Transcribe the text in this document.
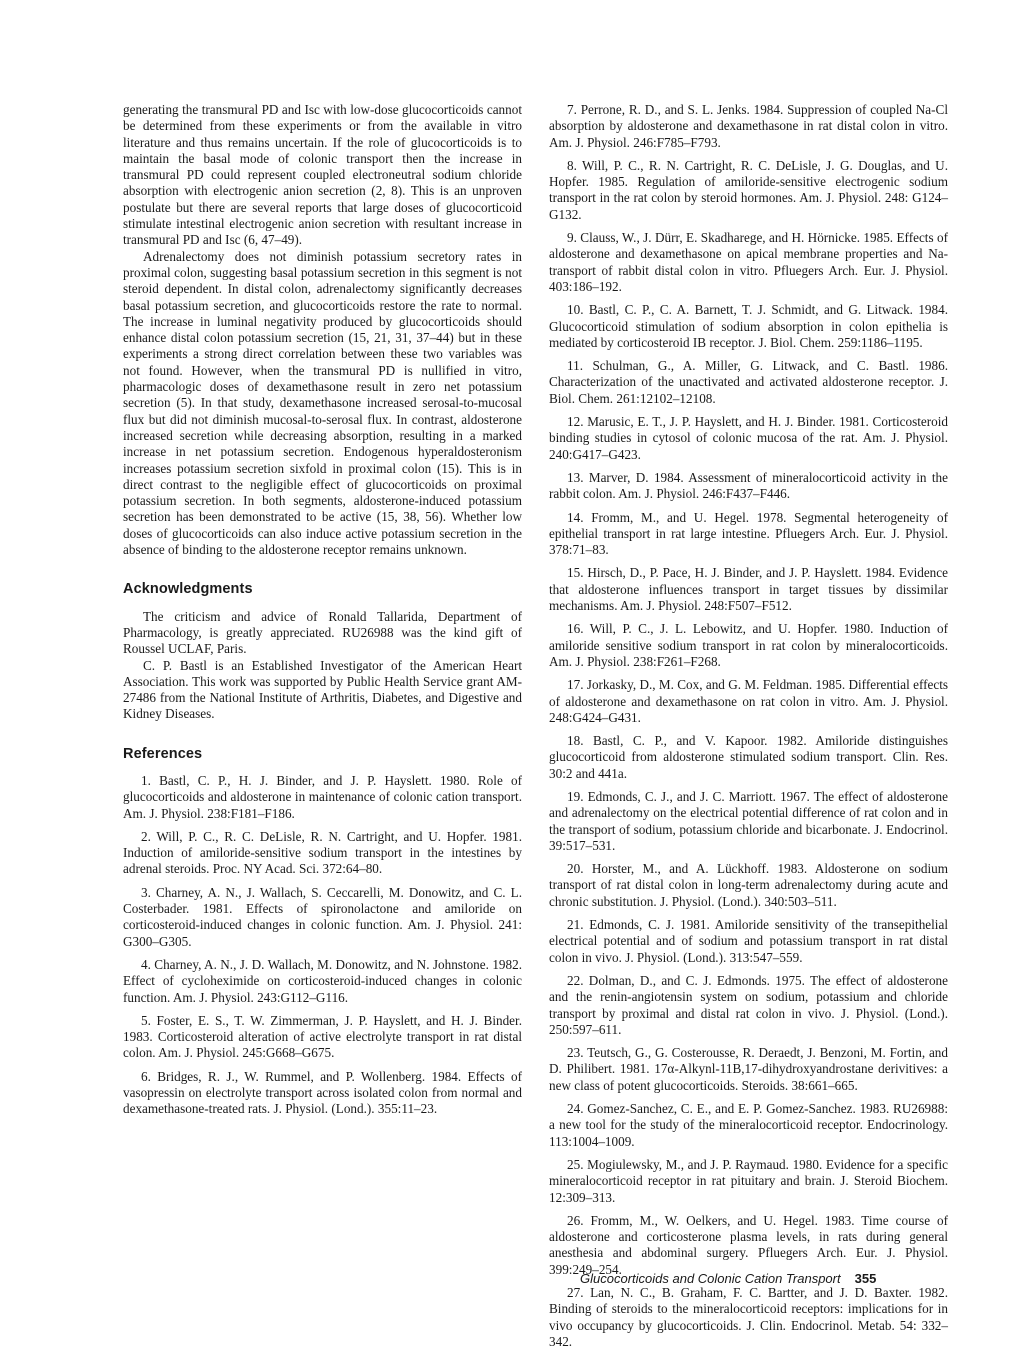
generating the transmural PD and Isc with low-dose glucocorticoids cannot be determined from these experiments or from the available in vitro literature and thus remains uncertain. If the role of glucocorticoids is to maintain the basal mode of colonic transport then the increase in transmural PD could represent coupled electroneutral sodium chloride absorption with electrogenic anion secretion (2, 8). This is an unproven postulate but there are several reports that large doses of glucocorticoid stimulate intestinal electrogenic anion secretion with resultant increase in transmural PD and Isc (6, 47–49).

Adrenalectomy does not diminish potassium secretory rates in proximal colon, suggesting basal potassium secretion in this segment is not steroid dependent. In distal colon, adrenalectomy significantly decreases basal potassium secretion, and glucocorticoids restore the rate to normal. The increase in luminal negativity produced by glucocorticoids should enhance distal colon potassium secretion (15, 21, 31, 37–44) but in these experiments a strong direct correlation between these two variables was not found. However, when the transmural PD is nullified in vitro, pharmacologic doses of dexamethasone result in zero net potassium secretion (5). In that study, dexamethasone increased serosal-to-mucosal flux but did not diminish mucosal-to-serosal flux. In contrast, aldosterone increased secretion while decreasing absorption, resulting in a marked increase in net potassium secretion. Endogenous hyperaldosteronism increases potassium secretion sixfold in proximal colon (15). This is in direct contrast to the negligible effect of glucocorticoids on proximal potassium secretion. In both segments, aldosterone-induced potassium secretion has been demonstrated to be active (15, 38, 56). Whether low doses of glucocorticoids can also induce active potassium secretion in the absence of binding to the aldosterone receptor remains unknown.

Acknowledgments

The criticism and advice of Ronald Tallarida, Department of Pharmacology, is greatly appreciated. RU26988 was the kind gift of Roussel UCLAF, Paris.

C. P. Bastl is an Established Investigator of the American Heart Association. This work was supported by Public Health Service grant AM-27486 from the National Institute of Arthritis, Diabetes, and Digestive and Kidney Diseases.

References

1. Bastl, C. P., H. J. Binder, and J. P. Hayslett. 1980. Role of glucocorticoids and aldosterone in maintenance of colonic cation transport. Am. J. Physiol. 238:F181–F186.

2. Will, P. C., R. C. DeLisle, R. N. Cartright, and U. Hopfer. 1981. Induction of amiloride-sensitive sodium transport in the intestines by adrenal steroids. Proc. NY Acad. Sci. 372:64–80.

3. Charney, A. N., J. Wallach, S. Ceccarelli, M. Donowitz, and C. L. Costerbader. 1981. Effects of spironolactone and amiloride on corticosteroid-induced changes in colonic function. Am. J. Physiol. 241: G300–G305.

4. Charney, A. N., J. D. Wallach, M. Donowitz, and N. Johnstone. 1982. Effect of cycloheximide on corticosteroid-induced changes in colonic function. Am. J. Physiol. 243:G112–G116.

5. Foster, E. S., T. W. Zimmerman, J. P. Hayslett, and H. J. Binder. 1983. Corticosteroid alteration of active electrolyte transport in rat distal colon. Am. J. Physiol. 245:G668–G675.

6. Bridges, R. J., W. Rummel, and P. Wollenberg. 1984. Effects of vasopressin on electrolyte transport across isolated colon from normal and dexamethasone-treated rats. J. Physiol. (Lond.). 355:11–23.

7. Perrone, R. D., and S. L. Jenks. 1984. Suppression of coupled Na-Cl absorption by aldosterone and dexamethasone in rat distal colon in vitro. Am. J. Physiol. 246:F785–F793.

8. Will, P. C., R. N. Cartright, R. C. DeLisle, J. G. Douglas, and U. Hopfer. 1985. Regulation of amiloride-sensitive electrogenic sodium transport in the rat colon by steroid hormones. Am. J. Physiol. 248: G124–G132.

9. Clauss, W., J. Dürr, E. Skadharege, and H. Hörnicke. 1985. Effects of aldosterone and dexamethasone on apical membrane properties and Na-transport of rabbit distal colon in vitro. Pfluegers Arch. Eur. J. Physiol. 403:186–192.

10. Bastl, C. P., C. A. Barnett, T. J. Schmidt, and G. Litwack. 1984. Glucocorticoid stimulation of sodium absorption in colon epithelia is mediated by corticosteroid IB receptor. J. Biol. Chem. 259:1186–1195.

11. Schulman, G., A. Miller, G. Litwack, and C. Bastl. 1986. Characterization of the unactivated and activated aldosterone receptor. J. Biol. Chem. 261:12102–12108.

12. Marusic, E. T., J. P. Hayslett, and H. J. Binder. 1981. Corticosteroid binding studies in cytosol of colonic mucosa of the rat. Am. J. Physiol. 240:G417–G423.

13. Marver, D. 1984. Assessment of mineralocorticoid activity in the rabbit colon. Am. J. Physiol. 246:F437–F446.

14. Fromm, M., and U. Hegel. 1978. Segmental heterogeneity of epithelial transport in rat large intestine. Pfluegers Arch. Eur. J. Physiol. 378:71–83.

15. Hirsch, D., P. Pace, H. J. Binder, and J. P. Hayslett. 1984. Evidence that aldosterone influences transport in target tissues by dissimilar mechanisms. Am. J. Physiol. 248:F507–F512.

16. Will, P. C., J. L. Lebowitz, and U. Hopfer. 1980. Induction of amiloride sensitive sodium transport in rat colon by mineralocorticoids. Am. J. Physiol. 238:F261–F268.

17. Jorkasky, D., M. Cox, and G. M. Feldman. 1985. Differential effects of aldosterone and dexamethasone on rat colon in vitro. Am. J. Physiol. 248:G424–G431.

18. Bastl, C. P., and V. Kapoor. 1982. Amiloride distinguishes glucocorticoid from aldosterone stimulated sodium transport. Clin. Res. 30:2 and 441a.

19. Edmonds, C. J., and J. C. Marriott. 1967. The effect of aldosterone and adrenalectomy on the electrical potential difference of rat colon and in the transport of sodium, potassium chloride and bicarbonate. J. Endocrinol. 39:517–531.

20. Horster, M., and A. Lückhoff. 1983. Aldosterone on sodium transport of rat distal colon in long-term adrenalectomy during acute and chronic substitution. J. Physiol. (Lond.). 340:503–511.

21. Edmonds, C. J. 1981. Amiloride sensitivity of the transepithelial electrical potential and of sodium and potassium transport in rat distal colon in vivo. J. Physiol. (Lond.). 313:547–559.

22. Dolman, D., and C. J. Edmonds. 1975. The effect of aldosterone and the renin-angiotensin system on sodium, potassium and chloride transport by proximal and distal rat colon in vivo. J. Physiol. (Lond.). 250:597–611.

23. Teutsch, G., G. Costerousse, R. Deraedt, J. Benzoni, M. Fortin, and D. Philibert. 1981. 17α-Alkynl-11B,17-dihydroxyandrostane derivitives: a new class of potent glucocorticoids. Steroids. 38:661–665.

24. Gomez-Sanchez, C. E., and E. P. Gomez-Sanchez. 1983. RU26988: a new tool for the study of the mineralocorticoid receptor. Endocrinology. 113:1004–1009.

25. Mogiulewsky, M., and J. P. Raymaud. 1980. Evidence for a specific mineralocorticoid receptor in rat pituitary and brain. J. Steroid Biochem. 12:309–313.

26. Fromm, M., W. Oelkers, and U. Hegel. 1983. Time course of aldosterone and corticosterone plasma levels, in rats during general anesthesia and abdominal surgery. Pfluegers Arch. Eur. J. Physiol. 399:249–254.

27. Lan, N. C., B. Graham, F. C. Bartter, and J. D. Baxter. 1982. Binding of steroids to the mineralocorticoid receptors: implications for in vivo occupancy by glucocorticoids. J. Clin. Endocrinol. Metab. 54: 332–342.

Glucocorticoids and Colonic Cation Transport 355
